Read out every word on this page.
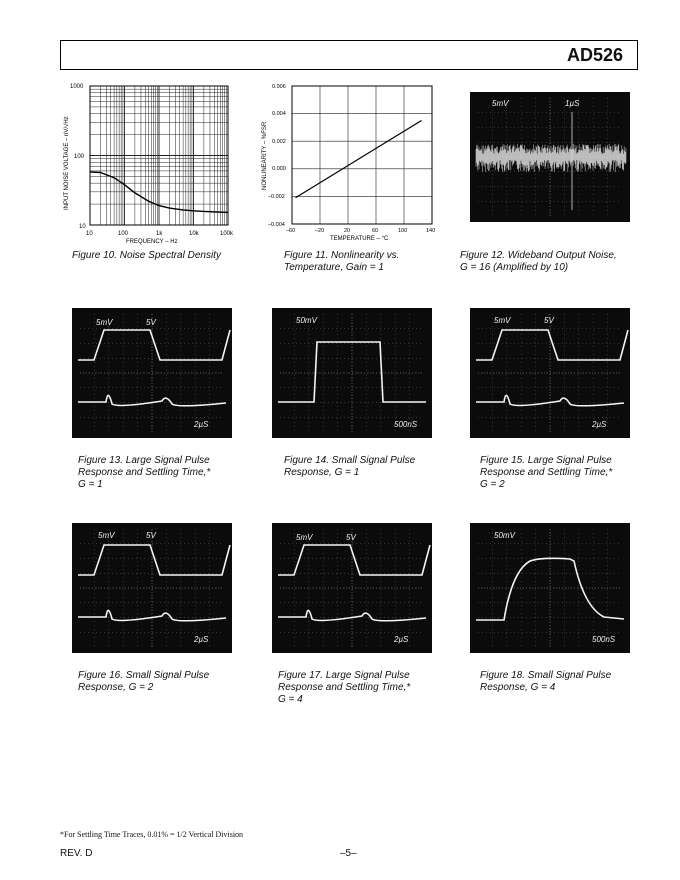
AD526
INPUT NOISE VOLTAGE – nV/√Hz
1000
100
10
10	100	1k	10k	100k
FREQUENCY – Hz
Figure 10. Noise Spectral Density
NONLINEARITY – %FSR
0.006
0.004
0.002
0.000
–0.002
–0.004
–60	–20	20	60	100	140
TEMPERATURE – °C
Figure 11. Nonlinearity vs.
Temperature, Gain = 1
5mV	1µS
Figure 12. Wideband Output Noise,
G = 16 (Amplified by 10)
5mV	5V
2µS
Figure 13. Large Signal Pulse
Response and Settling Time,*
G = 1
50mV
500nS
Figure 14. Small Signal Pulse
Response, G = 1
5mV	5V
2µS
Figure 15. Large Signal Pulse
Response and Settling Time,*
G = 2
5mV	5V
2µS
Figure 16. Small Signal Pulse
Response, G = 2
5mV	5V
2µS
Figure 17. Large Signal Pulse
Response and Settling Time,*
G = 4
50mV
500nS
Figure 18. Small Signal Pulse
Response, G = 4
*For Settling Time Traces, 0.01% = 1/2 Vertical Division
REV. D	–5–
